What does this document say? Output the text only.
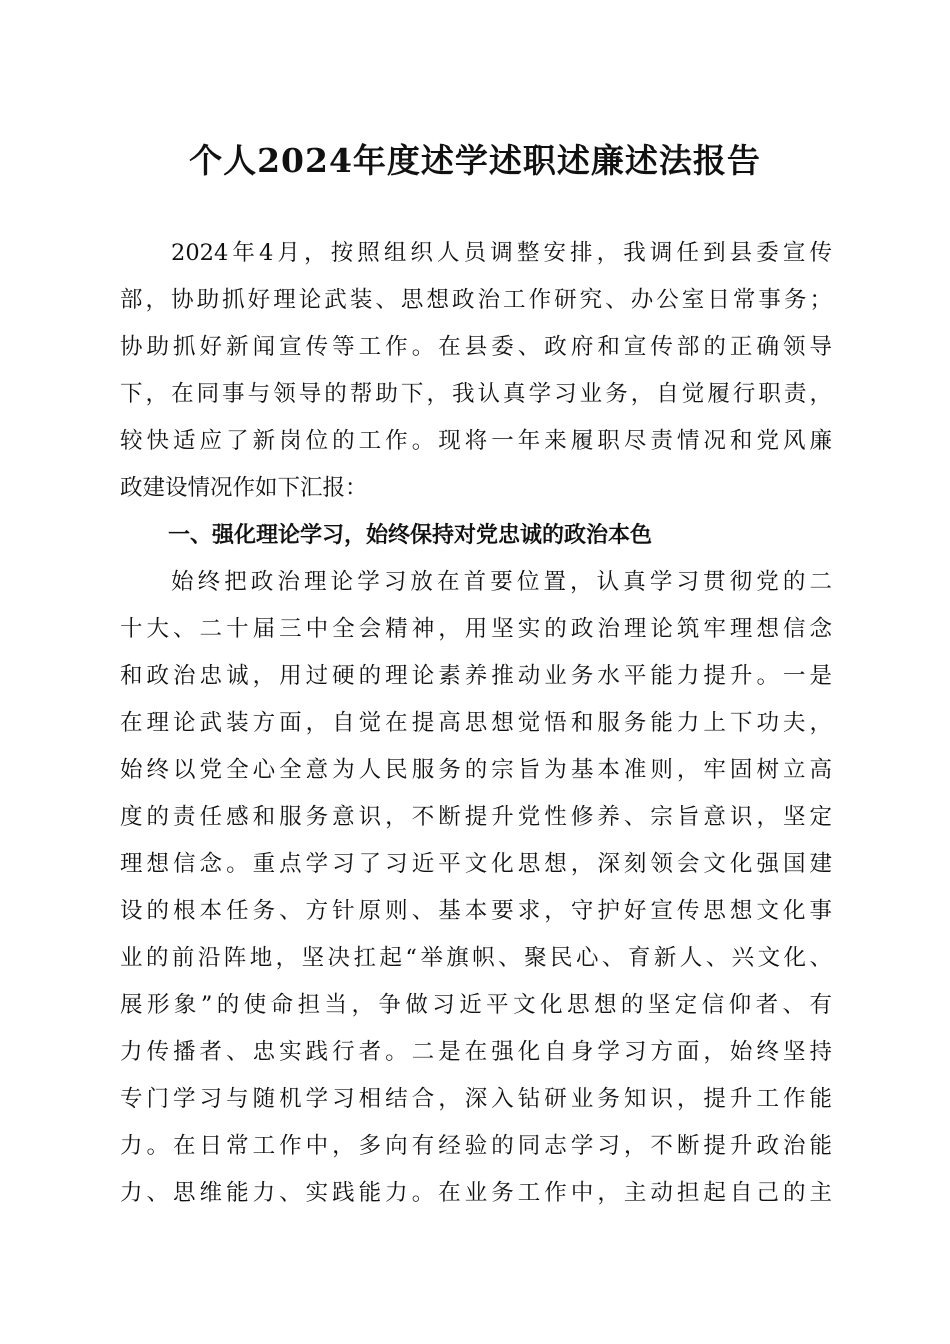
个人2024年度述学述职述廉述法报告
2024年4月，按照组织人员调整安排，我调任到县委宣传
部，协助抓好理论武装、思想政治工作研究、办公室日常事务；
协助抓好新闻宣传等工作。在县委、政府和宣传部的正确领导
下，在同事与领导的帮助下，我认真学习业务，自觉履行职责，
较快适应了新岗位的工作。现将一年来履职尽责情况和党风廉
政建设情况作如下汇报：
一、强化理论学习，始终保持对党忠诚的政治本色
始终把政治理论学习放在首要位置，认真学习贯彻党的二
十大、二十届三中全会精神，用坚实的政治理论筑牢理想信念
和政治忠诚，用过硬的理论素养推动业务水平能力提升。一是
在理论武装方面，自觉在提高思想觉悟和服务能力上下功夫，
始终以党全心全意为人民服务的宗旨为基本准则，牢固树立高
度的责任感和服务意识，不断提升党性修养、宗旨意识，坚定
理想信念。重点学习了习近平文化思想，深刻领会文化强国建
设的根本任务、方针原则、基本要求，守护好宣传思想文化事
业的前沿阵地，坚决扛起“举旗帜、聚民心、育新人、兴文化、
展形象”的使命担当，争做习近平文化思想的坚定信仰者、有
力传播者、忠实践行者。二是在强化自身学习方面，始终坚持
专门学习与随机学习相结合，深入钻研业务知识，提升工作能
力。在日常工作中，多向有经验的同志学习，不断提升政治能
力、思维能力、实践能力。在业务工作中，主动担起自己的主
